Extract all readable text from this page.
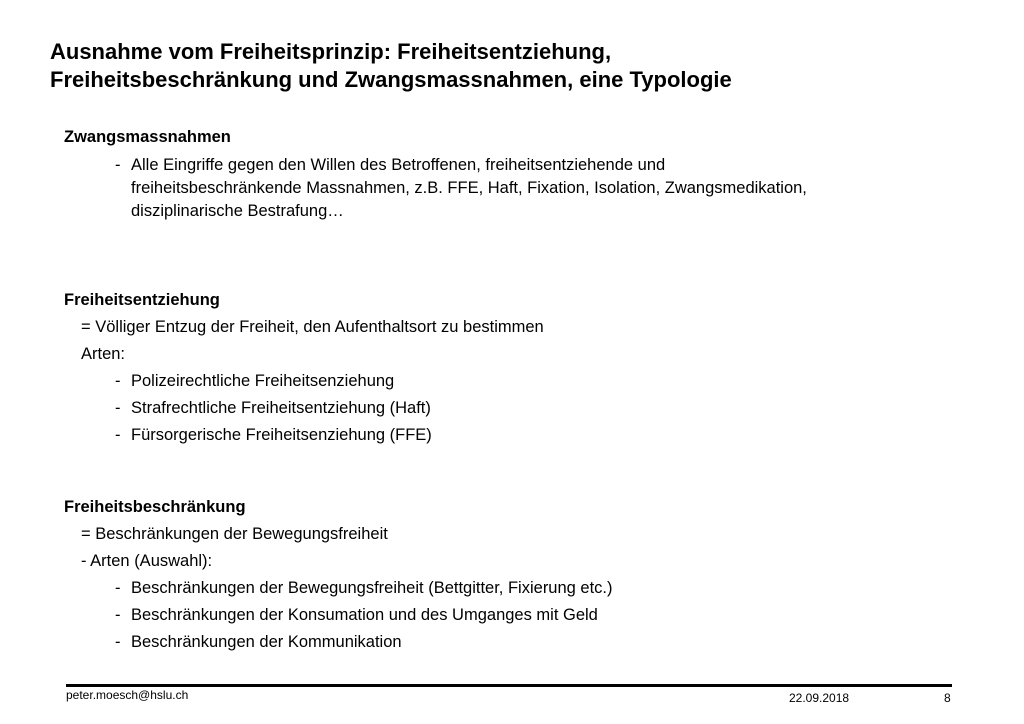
Ausnahme vom Freiheitsprinzip: Freiheitsentziehung,
Freiheitsbeschränkung und Zwangsmassnahmen, eine Typologie
Zwangsmassnahmen
- Alle Eingriffe gegen den Willen des Betroffenen, freiheitsentziehende und
freiheitsbeschränkende Massnahmen, z.B. FFE, Haft, Fixation, Isolation, Zwangsmedikation,
disziplinarische Bestrafung…
Freiheitsentziehung
= Völliger Entzug der Freiheit, den Aufenthaltsort zu bestimmen
Arten:
- Polizeirechtliche Freiheitsenziehung
- Strafrechtliche Freiheitsentziehung (Haft)
- Fürsorgerische Freiheitsenziehung (FFE)
Freiheitsbeschränkung
= Beschränkungen der Bewegungsfreiheit
- Arten (Auswahl):
- Beschränkungen der Bewegungsfreiheit (Bettgitter, Fixierung etc.)
- Beschränkungen der Konsumation und des Umganges mit Geld
- Beschränkungen der Kommunikation
peter.moesch@hslu.ch	22.09.2018	8
